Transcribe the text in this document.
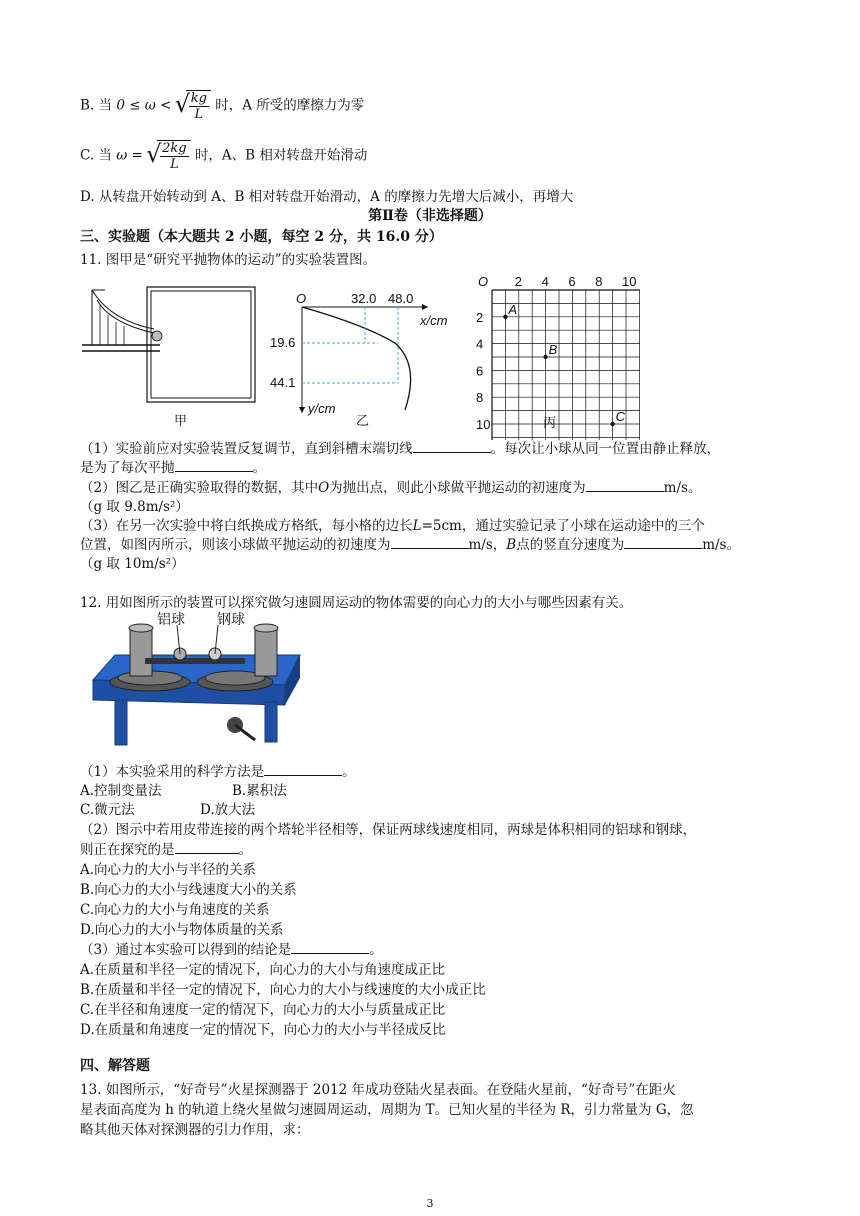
B. 当 0 ≤ ω < √ $\frac{kg}{L}$ 时，A 所受的摩擦力为零
C. 当 ω = √ $\frac{2kg}{L}$ 时，A、B 相对转盘开始滑动
D. 从转盘开始转动到 A、B 相对转盘开始滑动，A 的摩擦力先增大后减小，再增大
第Ⅱ卷（非选择题）
三、实验题（本大题共 2 小题，每空 2 分，共 16.0 分）
11. 图甲是“研究平抛物体的运动”的实验装置图。
甲
O	32.0 48.0
x/cm
19.6
44.1
y/cm
乙
O 2 4 6 8 10
2
4
6
8
10
A
B
C
丙
（1）实验前应对实验装置反复调节，直到斜槽末端切线	。每次让小球从同一位置由静止释放，
是为了每次平抛	。
（2）图乙是正确实验取得的数据，其中O为抛出点，则此小球做平抛运动的初速度为	m/s。
（g 取 9.8m/s²）
（3）在另一次实验中将白纸换成方格纸，每小格的边长L=5cm，通过实验记录了小球在运动途中的三个
位置，如图丙所示，则该小球做平抛运动的初速度为	m/s，B点的竖直分速度为	m/s。
（g 取 10m/s²）
12. 用如图所示的装置可以探究做匀速圆周运动的物体需要的向心力的大小与哪些因素有关。
铝球 钢球
（1）本实验采用的科学方法是	。
A.控制变量法	B.累积法
C.微元法	D.放大法
（2）图示中若用皮带连接的两个塔轮半径相等，保证两球线速度相同，两球是体积相同的铝球和钢球，
则正在探究的是	。
A.向心力的大小与半径的关系
B.向心力的大小与线速度大小的关系
C.向心力的大小与角速度的关系
D.向心力的大小与物体质量的关系
（3）通过本实验可以得到的结论是	。
A.在质量和半径一定的情况下，向心力的大小与角速度成正比
B.在质量和半径一定的情况下，向心力的大小与线速度的大小成正比
C.在半径和角速度一定的情况下，向心力的大小与质量成正比
D.在质量和角速度一定的情况下，向心力的大小与半径成反比
四、解答题
13. 如图所示，“好奇号”火星探测器于 2012 年成功登陆火星表面。在登陆火星前，“好奇号”在距火
星表面高度为 h 的轨道上绕火星做匀速圆周运动，周期为 T。已知火星的半径为 R，引力常量为 G，忽
略其他天体对探测器的引力作用，求：
3
